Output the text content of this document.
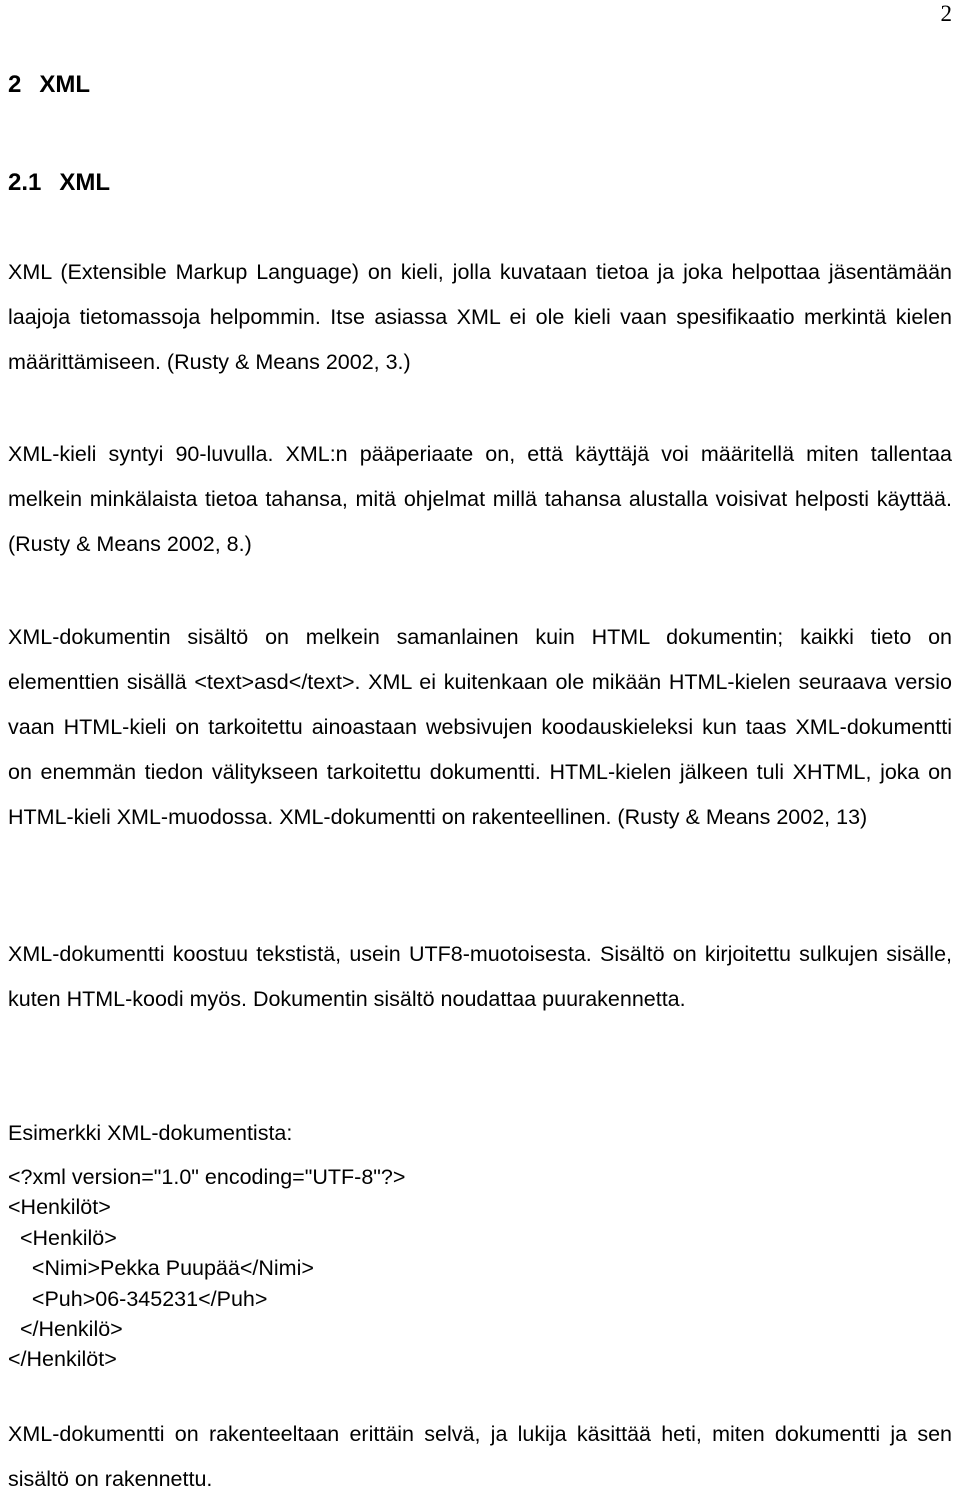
2
2 XML
2.1 XML

XML (Extensible Markup Language) on kieli, jolla kuvataan tietoa ja joka helpottaa jäsentämään laajoja tietomassoja helpommin. Itse asiassa XML ei ole kieli vaan spesifikaatio merkintä kielen määrittämiseen. (Rusty & Means 2002, 3.)

XML-kieli syntyi 90-luvulla. XML:n pääperiaate on, että käyttäjä voi määritellä miten tallentaa melkein minkälaista tietoa tahansa, mitä ohjelmat millä tahansa alustalla voisivat helposti käyttää. (Rusty & Means 2002, 8.)

XML-dokumentin sisältö on melkein samanlainen kuin HTML dokumentin; kaikki tieto on elementtien sisällä <text>asd</text>. XML ei kuitenkaan ole mikään HTML-kielen seuraava versio vaan HTML-kieli on tarkoitettu ainoastaan websivujen koodauskieleksi kun taas XML-dokumentti on enemmän tiedon välitykseen tarkoitettu dokumentti. HTML-kielen jälkeen tuli XHTML, joka on HTML-kieli XML-muodossa. XML-dokumentti on rakenteellinen. (Rusty & Means 2002, 13)

XML-dokumentti koostuu tekstistä, usein UTF8-muotoisesta. Sisältö on kirjoitettu sulkujen sisälle, kuten HTML-koodi myös. Dokumentin sisältö noudattaa puurakennetta.

Esimerkki XML-dokumentista:

<?xml version="1.0" encoding="UTF-8"?>
<Henkilöt>
<Henkilö>
<Nimi>Pekka Puupää</Nimi>
<Puh>06-345231</Puh>
</Henkilö>
</Henkilöt>

XML-dokumentti on rakenteeltaan erittäin selvä, ja lukija käsittää heti, miten dokumentti ja sen sisältö on rakennettu.
